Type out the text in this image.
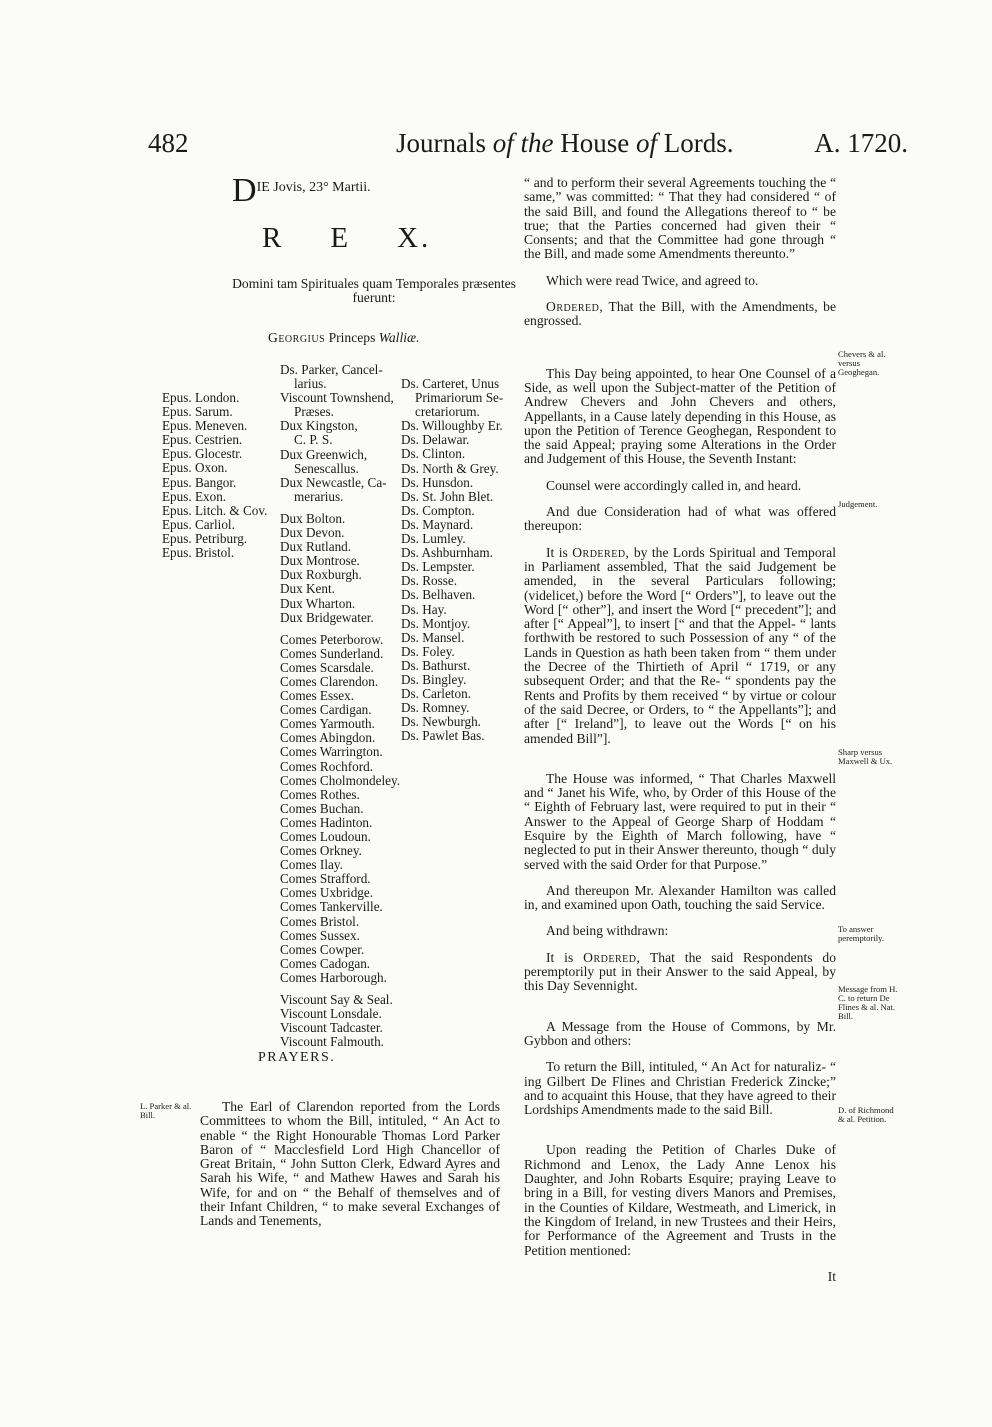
482	Journals of the House of Lords.	A. 1720.
DIE Jovis, 23° Martii.
R E X.
Domini tam Spirituales quam Temporales præsentes fuerunt:
Georgius Princeps Walliæ.
Epus. London.
Epus. Sarum.
Epus. Meneven.
Epus. Cestrien.
Epus. Glocestr.
Epus. Oxon.
Epus. Bangor.
Epus. Exon.
Epus. Litch. & Cov.
Epus. Carliol.
Epus. Petriburg.
Epus. Bristol.
Ds. Parker, Cancel-
larius.
Viscount Townshend,
Præses.
Dux Kingston,
C. P. S.
Dux Greenwich,
Senescallus.
Dux Newcastle, Ca-
merarius.
Dux Bolton.
Dux Devon.
Dux Rutland.
Dux Montrose.
Dux Roxburgh.
Dux Kent.
Dux Wharton.
Dux Bridgewater.
Comes Peterborow.
Comes Sunderland.
Comes Scarsdale.
Comes Clarendon.
Comes Essex.
Comes Cardigan.
Comes Yarmouth.
Comes Abingdon.
Comes Warrington.
Comes Rochford.
Comes Cholmondeley.
Comes Rothes.
Comes Buchan.
Comes Hadinton.
Comes Loudoun.
Comes Orkney.
Comes Ilay.
Comes Strafford.
Comes Uxbridge.
Comes Tankerville.
Comes Bristol.
Comes Sussex.
Comes Cowper.
Comes Cadogan.
Comes Harborough.
Viscount Say & Seal.
Viscount Lonsdale.
Viscount Tadcaster.
Viscount Falmouth.
Ds. Carteret, Unus
Primariorum Se-
cretariorum.
Ds. Willoughby Er.
Ds. Delawar.
Ds. Clinton.
Ds. North & Grey.
Ds. Hunsdon.
Ds. St. John Blet.
Ds. Compton.
Ds. Maynard.
Ds. Lumley.
Ds. Ashburnham.
Ds. Lempster.
Ds. Rosse.
Ds. Belhaven.
Ds. Hay.
Ds. Montjoy.
Ds. Mansel.
Ds. Foley.
Ds. Bathurst.
Ds. Bingley.
Ds. Carleton.
Ds. Romney.
Ds. Newburgh.
Ds. Pawlet Bas.
PRAYERS.

The Earl of Clarendon reported from the Lords Committees to whom the Bill, intituled, “ An Act to enable “ the Right Honourable Thomas Lord Parker Baron of “ Macclesfield Lord High Chancellor of Great Britain, “ John Sutton Clerk, Edward Ayres and Sarah his Wife, “ and Mathew Hawes and Sarah his Wife, for and on “ the Behalf of themselves and of their Infant Children, “ to make several Exchanges of Lands and Tenements,

L. Parker & al. Bill.

“ and to perform their several Agreements touching the “ same,” was committed: “ That they had considered “ of the said Bill, and found the Allegations thereof to “ be true; that the Parties concerned had given their “ Consents; and that the Committee had gone through “ the Bill, and made some Amendments thereunto.”

Which were read Twice, and agreed to.

Ordered, That the Bill, with the Amendments, be engrossed.

This Day being appointed, to hear One Counsel of a Side, as well upon the Subject-matter of the Petition of Andrew Chevers and John Chevers and others, Appellants, in a Cause lately depending in this House, as upon the Petition of Terence Geoghegan, Respondent to the said Appeal; praying some Alterations in the Order and Judgement of this House, the Seventh Instant:

Counsel were accordingly called in, and heard.

And due Consideration had of what was offered thereupon:

It is Ordered, by the Lords Spiritual and Temporal in Parliament assembled, That the said Judgement be amended, in the several Particulars following; (videlicet,) before the Word [“ Orders”], to leave out the Word [“ other”], and insert the Word [“ precedent”]; and after [“ Appeal”], to insert [“ and that the Appel- “ lants forthwith be restored to such Possession of any “ of the Lands in Question as hath been taken from “ them under the Decree of the Thirtieth of April “ 1719, or any subsequent Order; and that the Re- “ spondents pay the Rents and Profits by them received “ by virtue or colour of the said Decree, or Orders, to “ the Appellants”]; and after [“ Ireland”], to leave out the Words [“ on his amended Bill”].

The House was informed, “ That Charles Maxwell and “ Janet his Wife, who, by Order of this House of the “ Eighth of February last, were required to put in their “ Answer to the Appeal of George Sharp of Hoddam “ Esquire by the Eighth of March following, have “ neglected to put in their Answer thereunto, though “ duly served with the said Order for that Purpose.”

And thereupon Mr. Alexander Hamilton was called in, and examined upon Oath, touching the said Service.

And being withdrawn:

It is Ordered, That the said Respondents do peremptorily put in their Answer to the said Appeal, by this Day Sevennight.

A Message from the House of Commons, by Mr. Gybbon and others:

To return the Bill, intituled, “ An Act for naturaliz- “ ing Gilbert De Flines and Christian Frederick Zincke;” and to acquaint this House, that they have agreed to their Lordships Amendments made to the said Bill.

Upon reading the Petition of Charles Duke of Richmond and Lenox, the Lady Anne Lenox his Daughter, and John Robarts Esquire; praying Leave to bring in a Bill, for vesting divers Manors and Premises, in the Counties of Kildare, Westmeath, and Limerick, in the Kingdom of Ireland, in new Trustees and their Heirs, for Performance of the Agreement and Trusts in the Petition mentioned:

It
Chevers & al. versus Geoghegan.
Judgement.
Sharp versus Maxwell & Ux.
To answer peremptorily.
Message from H. C. to return De Flines & al. Nat. Bill.
D. of Richmond & al. Petition.
